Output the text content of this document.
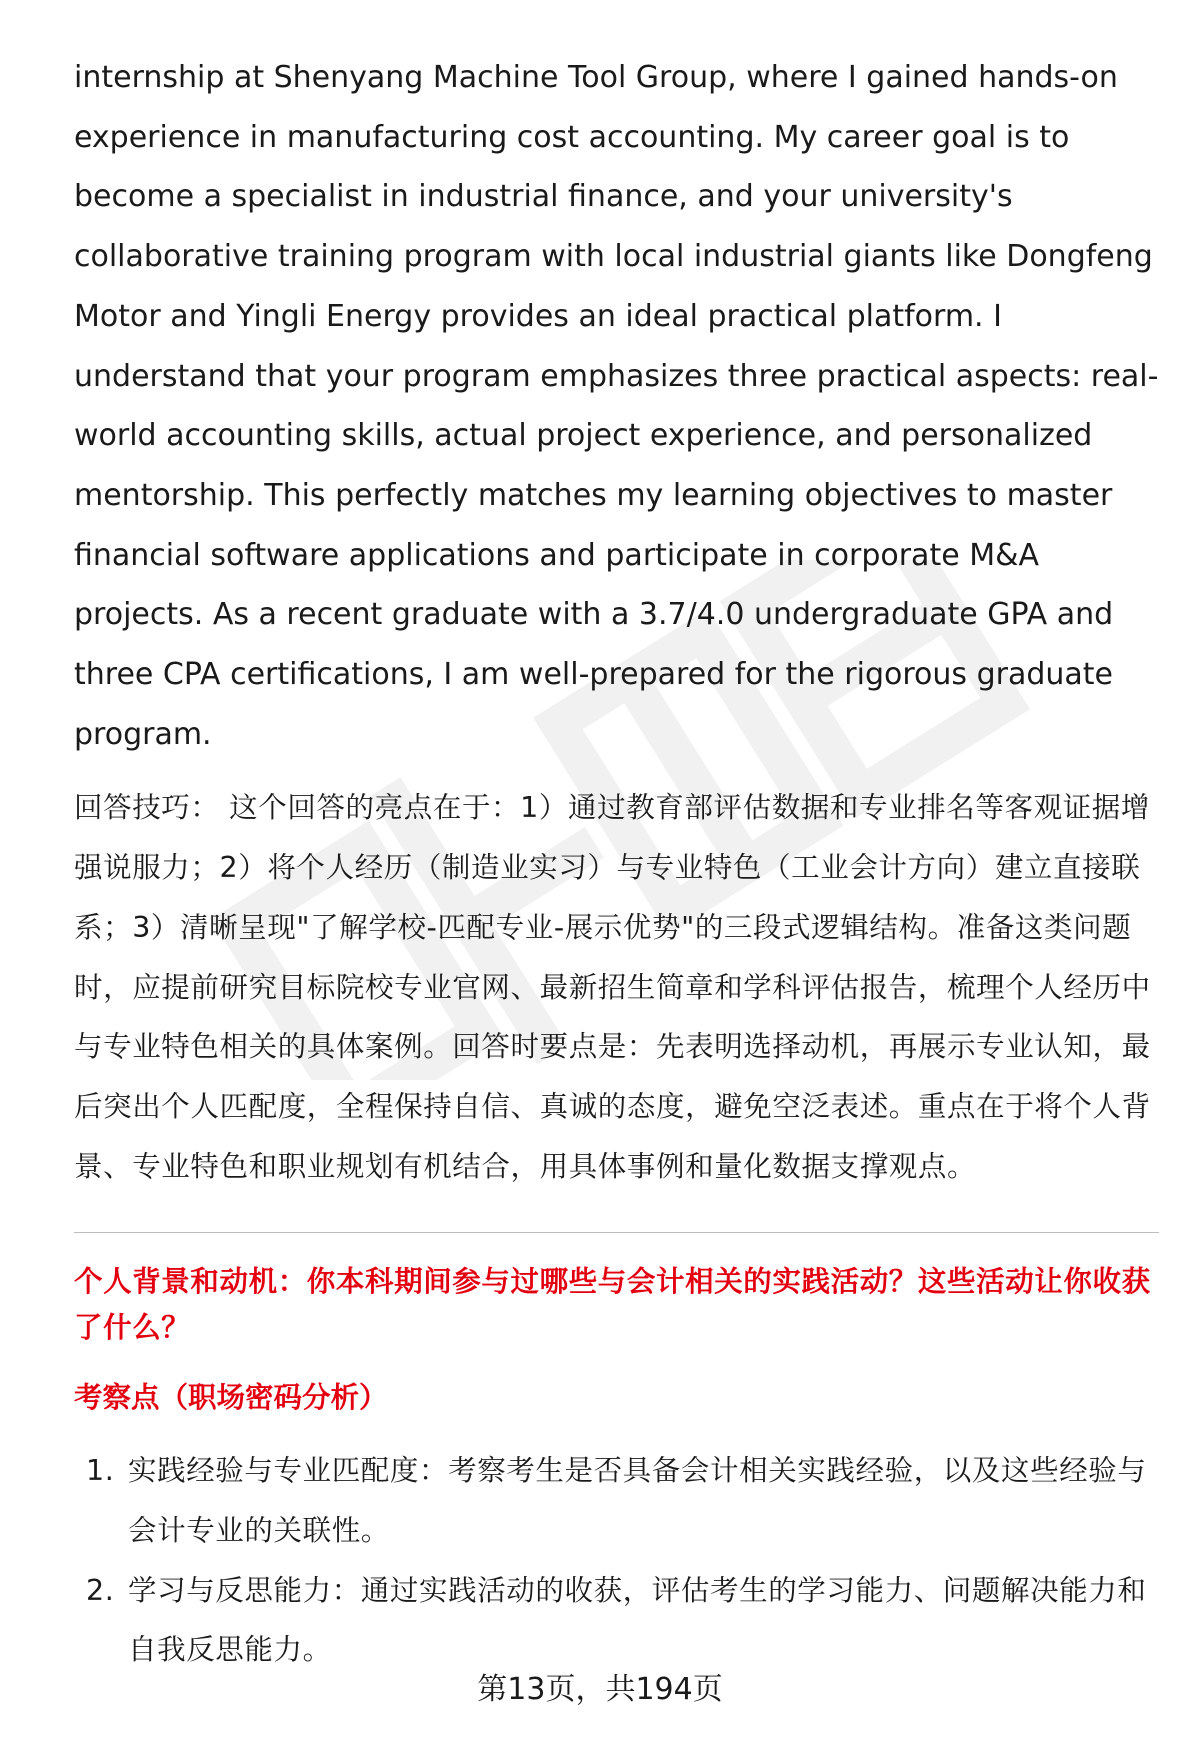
internship at Shenyang Machine Tool Group, where I gained hands-on experience in manufacturing cost accounting. My career goal is to become a specialist in industrial finance, and your university's collaborative training program with local industrial giants like Dongfeng Motor and Yingli Energy provides an ideal practical platform. I understand that your program emphasizes three practical aspects: real-world accounting skills, actual project experience, and personalized mentorship. This perfectly matches my learning objectives to master financial software applications and participate in corporate M&A projects. As a recent graduate with a 3.7/4.0 undergraduate GPA and three CPA certifications, I am well-prepared for the rigorous graduate program.

回答技巧： 这个回答的亮点在于：1）通过教育部评估数据和专业排名等客观证据增强说服力；2）将个人经历（制造业实习）与专业特色（工业会计方向）建立直接联系；3）清晰呈现"了解学校-匹配专业-展示优势"的三段式逻辑结构。准备这类问题时，应提前研究目标院校专业官网、最新招生简章和学科评估报告，梳理个人经历中与专业特色相关的具体案例。回答时要点是：先表明选择动机，再展示专业认知，最后突出个人匹配度，全程保持自信、真诚的态度，避免空泛表述。重点在于将个人背景、专业特色和职业规划有机结合，用具体事例和量化数据支撑观点。

个人背景和动机：你本科期间参与过哪些与会计相关的实践活动？这些活动让你收获了什么？
考察点（职场密码分析）
1. 实践经验与专业匹配度：考察考生是否具备会计相关实践经验，以及这些经验与会计专业的关联性。
2. 学习与反思能力：通过实践活动的收获，评估考生的学习能力、问题解决能力和自我反思能力。
第13页，共194页
